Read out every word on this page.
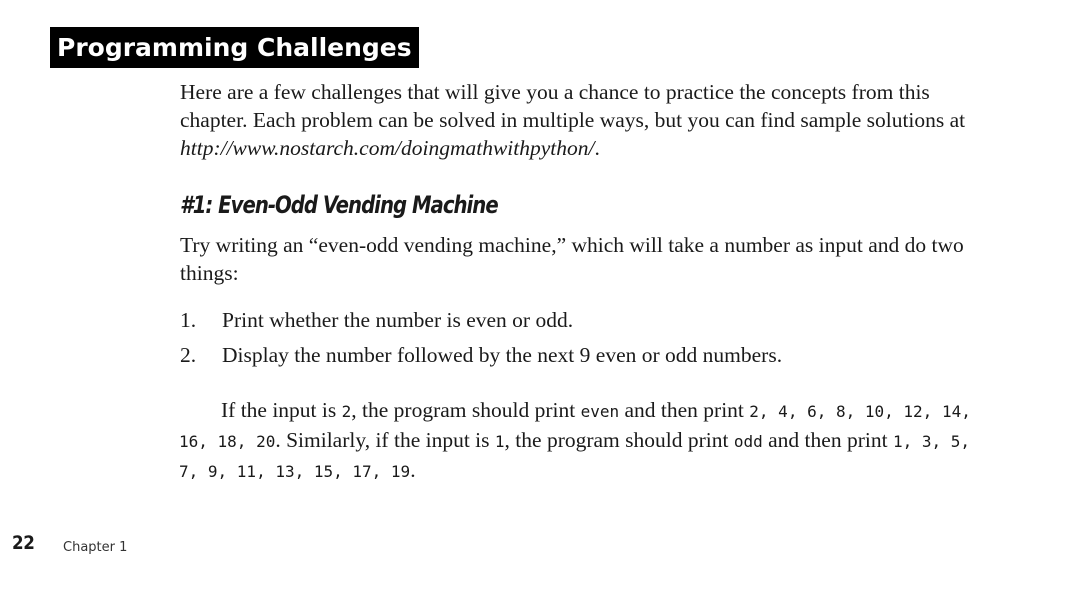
Programming Challenges

Here are a few challenges that will give you a chance to practice the concepts from this chapter. Each problem can be solved in multiple ways, but you can find sample solutions at http://www.nostarch.com/doingmathwithpython/.

#1: Even-Odd Vending Machine

Try writing an “even-odd vending machine,” which will take a number as input and do two things:

1. Print whether the number is even or odd.
2. Display the number followed by the next 9 even or odd numbers.

If the input is 2, the program should print even and then print 2, 4, 6, 8, 10, 12, 14, 16, 18, 20. Similarly, if the input is 1, the program should print odd and then print 1, 3, 5, 7, 9, 11, 13, 15, 17, 19.

22 Chapter 1
